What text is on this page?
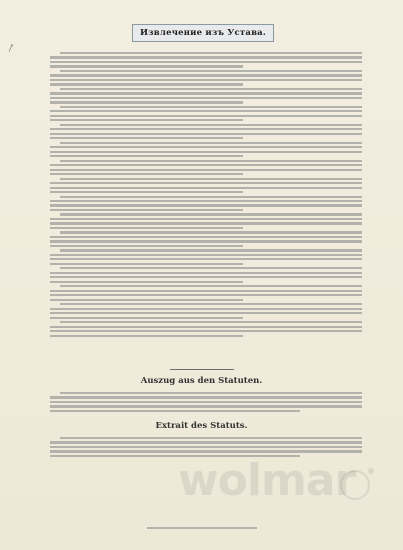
↗
Извлечение изъ Устава.
Auszug aus den Statuten.
Extrait des Statuts.
wolmar
